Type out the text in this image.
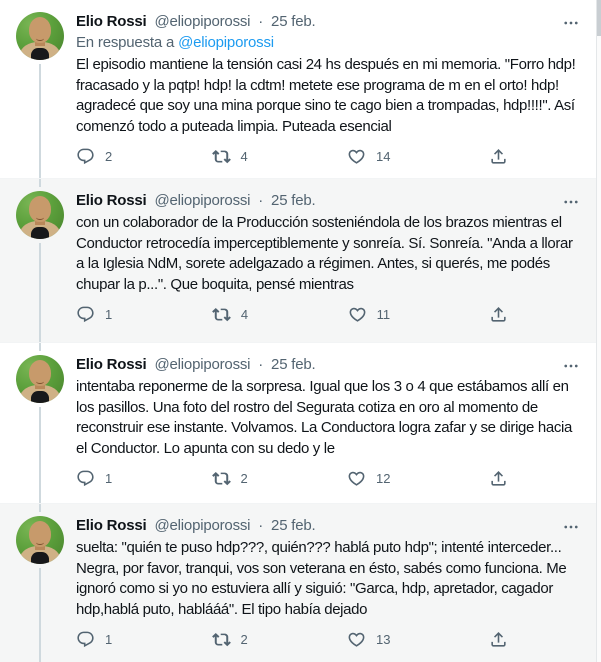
Elio Rossi @eliopiporossi · 25 feb.
En respuesta a @eliopiporossi

El episodio mantiene la tensión casi 24 hs después en mi memoria. "Forro hdp! fracasado y la pqtp! hdp! la cdtm! metete ese programa de m en el orto! hdp! agradecé que soy una mina porque sino te cago bien a trompadas, hdp!!!!". Así comenzó todo a puteada limpia. Puteada esencial

2	4	14
Elio Rossi @eliopiporossi · 25 feb.

con un colaborador de la Producción sosteniéndola de los brazos mientras el Conductor retrocedía imperceptiblemente y sonreía. Sí. Sonreía. "Anda a llorar a la Iglesia NdM, sorete adelgazado a régimen. Antes, si querés, me podés chupar la p...". Que boquita, pensé mientras

1	4	11
Elio Rossi @eliopiporossi · 25 feb.

intentaba reponerme de la sorpresa. Igual que los 3 o 4 que estábamos allí en los pasillos. Una foto del rostro del Segurata cotiza en oro al momento de reconstruir ese instante. Volvamos. La Conductora logra zafar y se dirige hacia el Conductor. Lo apunta con su dedo y le

1	2	12
Elio Rossi @eliopiporossi · 25 feb.

suelta: "quién te puso hdp???, quién??? hablá puto hdp"; intenté interceder... Negra, por favor, tranqui, vos son veterana en ésto, sabés como funciona. Me ignoró como si yo no estuviera allí y siguió: "Garca, hdp, apretador, cagador hdp,hablá puto, hablááá". El tipo había dejado

1	2	13
